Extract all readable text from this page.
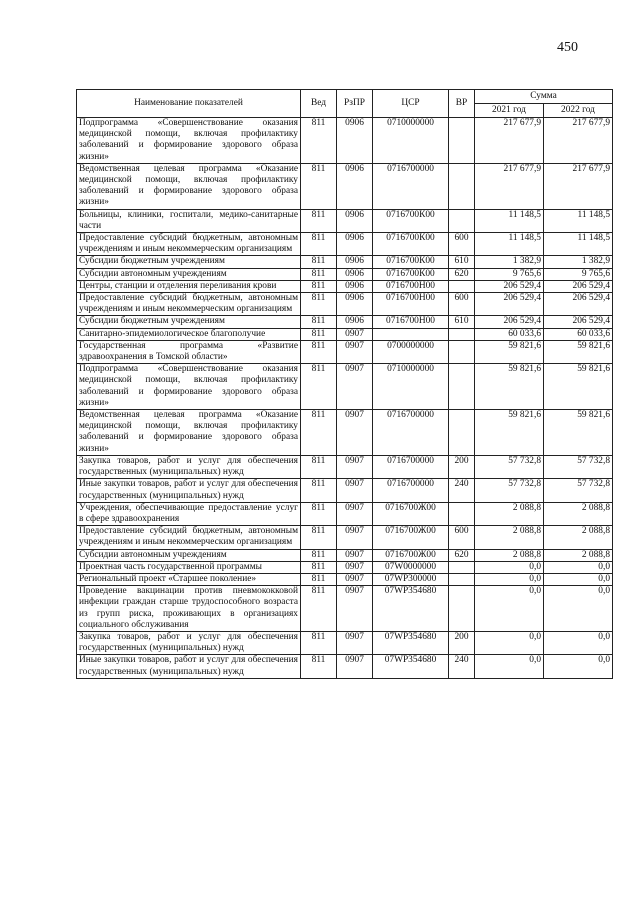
450
Наименование показателей	Вед	РзПР	ЦСР	ВР	Сумма	
					2021 год	2022 год
Подпрограмма «Совершенствование оказания медицинской помощи, включая профилактику заболеваний и формирование здорового образа жизни»	811	0906	0710000000		217 677,9	217 677,9
Ведомственная целевая программа «Оказание медицинской помощи, включая профилактику заболеваний и формирование здорового образа жизни»	811	0906	0716700000		217 677,9	217 677,9
Больницы, клиники, госпитали, медико-санитарные части	811	0906	0716700К00		11 148,5	11 148,5
Предоставление субсидий бюджетным, автономным учреждениям и иным некоммерческим организациям	811	0906	0716700К00	600	11 148,5	11 148,5
Субсидии бюджетным учреждениям	811	0906	0716700К00	610	1 382,9	1 382,9
Субсидии автономным учреждениям	811	0906	0716700К00	620	9 765,6	9 765,6
Центры, станции и отделения переливания крови	811	0906	0716700Н00		206 529,4	206 529,4
Предоставление субсидий бюджетным, автономным учреждениям и иным некоммерческим организациям	811	0906	0716700Н00	600	206 529,4	206 529,4
Субсидии бюджетным учреждениям	811	0906	0716700Н00	610	206 529,4	206 529,4
Санитарно-эпидемиологическое благополучие	811	0907			60 033,6	60 033,6
Государственная программа «Развитие здравоохранения в Томской области»	811	0907	0700000000		59 821,6	59 821,6
Подпрограмма «Совершенствование оказания медицинской помощи, включая профилактику заболеваний и формирование здорового образа жизни»	811	0907	0710000000		59 821,6	59 821,6
Ведомственная целевая программа «Оказание медицинской помощи, включая профилактику заболеваний и формирование здорового образа жизни»	811	0907	0716700000		59 821,6	59 821,6
Закупка товаров, работ и услуг для обеспечения государственных (муниципальных) нужд	811	0907	0716700000	200	57 732,8	57 732,8
Иные закупки товаров, работ и услуг для обеспечения государственных (муниципальных) нужд	811	0907	0716700000	240	57 732,8	57 732,8
Учреждения, обеспечивающие предоставление услуг в сфере здравоохранения	811	0907	0716700Ж00		2 088,8	2 088,8
Предоставление субсидий бюджетным, автономным учреждениям и иным некоммерческим организациям	811	0907	0716700Ж00	600	2 088,8	2 088,8
Субсидии автономным учреждениям	811	0907	0716700Ж00	620	2 088,8	2 088,8
Проектная часть государственной программы	811	0907	07W0000000		0,0	0,0
Региональный проект «Старшее поколение»	811	0907	07WP300000		0,0	0,0
Проведение вакцинации против пневмококковой инфекции граждан старше трудоспособного возраста из групп риска, проживающих в организациях социального обслуживания	811	0907	07WP354680		0,0	0,0
Закупка товаров, работ и услуг для обеспечения государственных (муниципальных) нужд	811	0907	07WP354680	200	0,0	0,0
Иные закупки товаров, работ и услуг для обеспечения государственных (муниципальных) нужд	811	0907	07WP354680	240	0,0	0,0
